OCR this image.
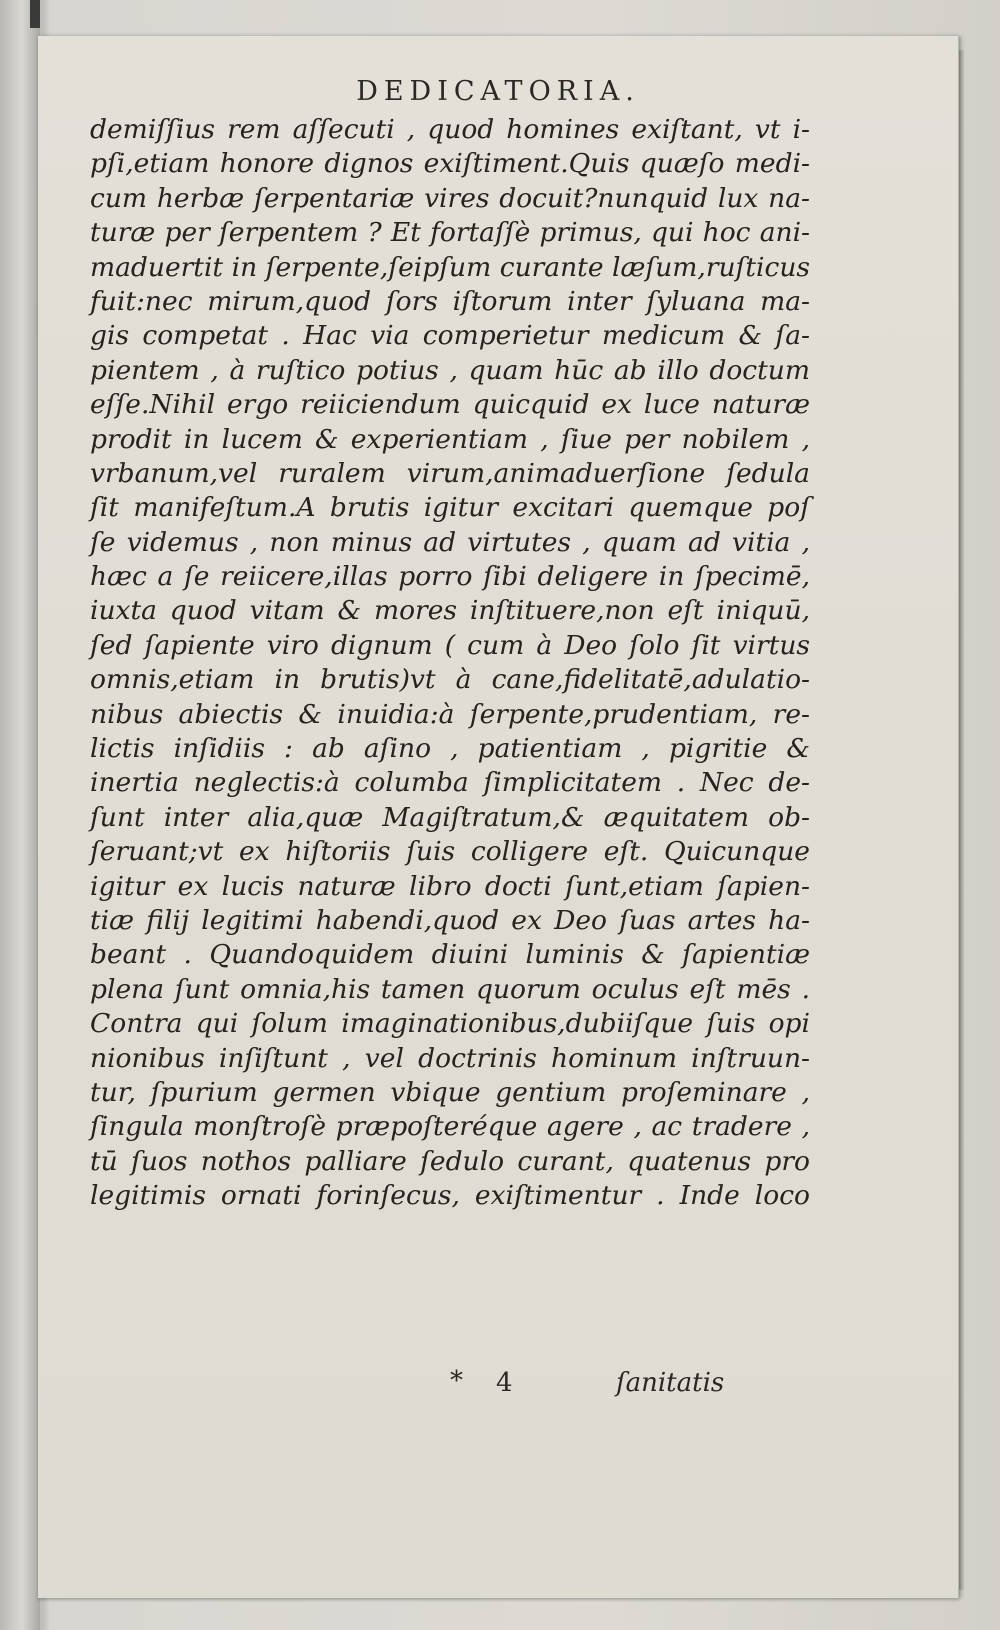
DEDICATORIA.
demiſſius rem aſſecuti , quod homines exiſtant, vt i-
pſi,etiam honore dignos exiſtiment.Quis quæſo medi-
cum herbæ ſerpentariæ vires docuit?nunquid lux na-
turæ per ſerpentem ? Et fortaſſè primus, qui hoc ani-
maduertit in ſerpente,ſeipſum curante læſum,ruſticus
fuit:nec mirum,quod ſors iſtorum inter ſyluana ma-
gis competat . Hac via comperietur medicum & ſa-
pientem , à ruſtico potius , quam hūc ab illo doctum
eſſe.Nihil ergo reiiciendum quicquid ex luce naturæ
prodit in lucem & experientiam , ſiue per nobilem ,
vrbanum,vel ruralem virum,animaduerſione ſedula
ſit manifeſtum.A brutis igitur excitari quemque poſ
ſe videmus , non minus ad virtutes , quam ad vitia ,
hæc a ſe reiicere,illas porro ſibi deligere in ſpecimē,
iuxta quod vitam & mores inſtituere,non eſt iniquū,
ſed ſapiente viro dignum ( cum à Deo ſolo ſit virtus
omnis,etiam in brutis)vt à cane,fidelitatē,adulatio-
nibus abiectis & inuidia:à ſerpente,prudentiam, re-
lictis inſidiis : ab aſino , patientiam , pigritie &
inertia neglectis:à columba ſimplicitatem . Nec de-
ſunt inter alia,quæ Magiſtratum,& æquitatem ob-
ſeruant;vt ex hiſtoriis ſuis colligere eſt. Quicunque
igitur ex lucis naturæ libro docti ſunt,etiam ſapien-
tiæ filij legitimi habendi,quod ex Deo ſuas artes ha-
beant . Quandoquidem diuini luminis & ſapientiæ
plena ſunt omnia,his tamen quorum oculus eſt mēs .
Contra qui ſolum imaginationibus,dubiiſque ſuis opi
nionibus inſiſtunt , vel doctrinis hominum inſtruun-
tur, ſpurium germen vbique gentium proſeminare ,
ſingula monſtroſè præpoſteréque agere , ac tradere ,
tū ſuos nothos palliare ſedulo curant, quatenus pro
legitimis ornati forinſecus, exiſtimentur . Inde loco
* 4	ſanitatis
